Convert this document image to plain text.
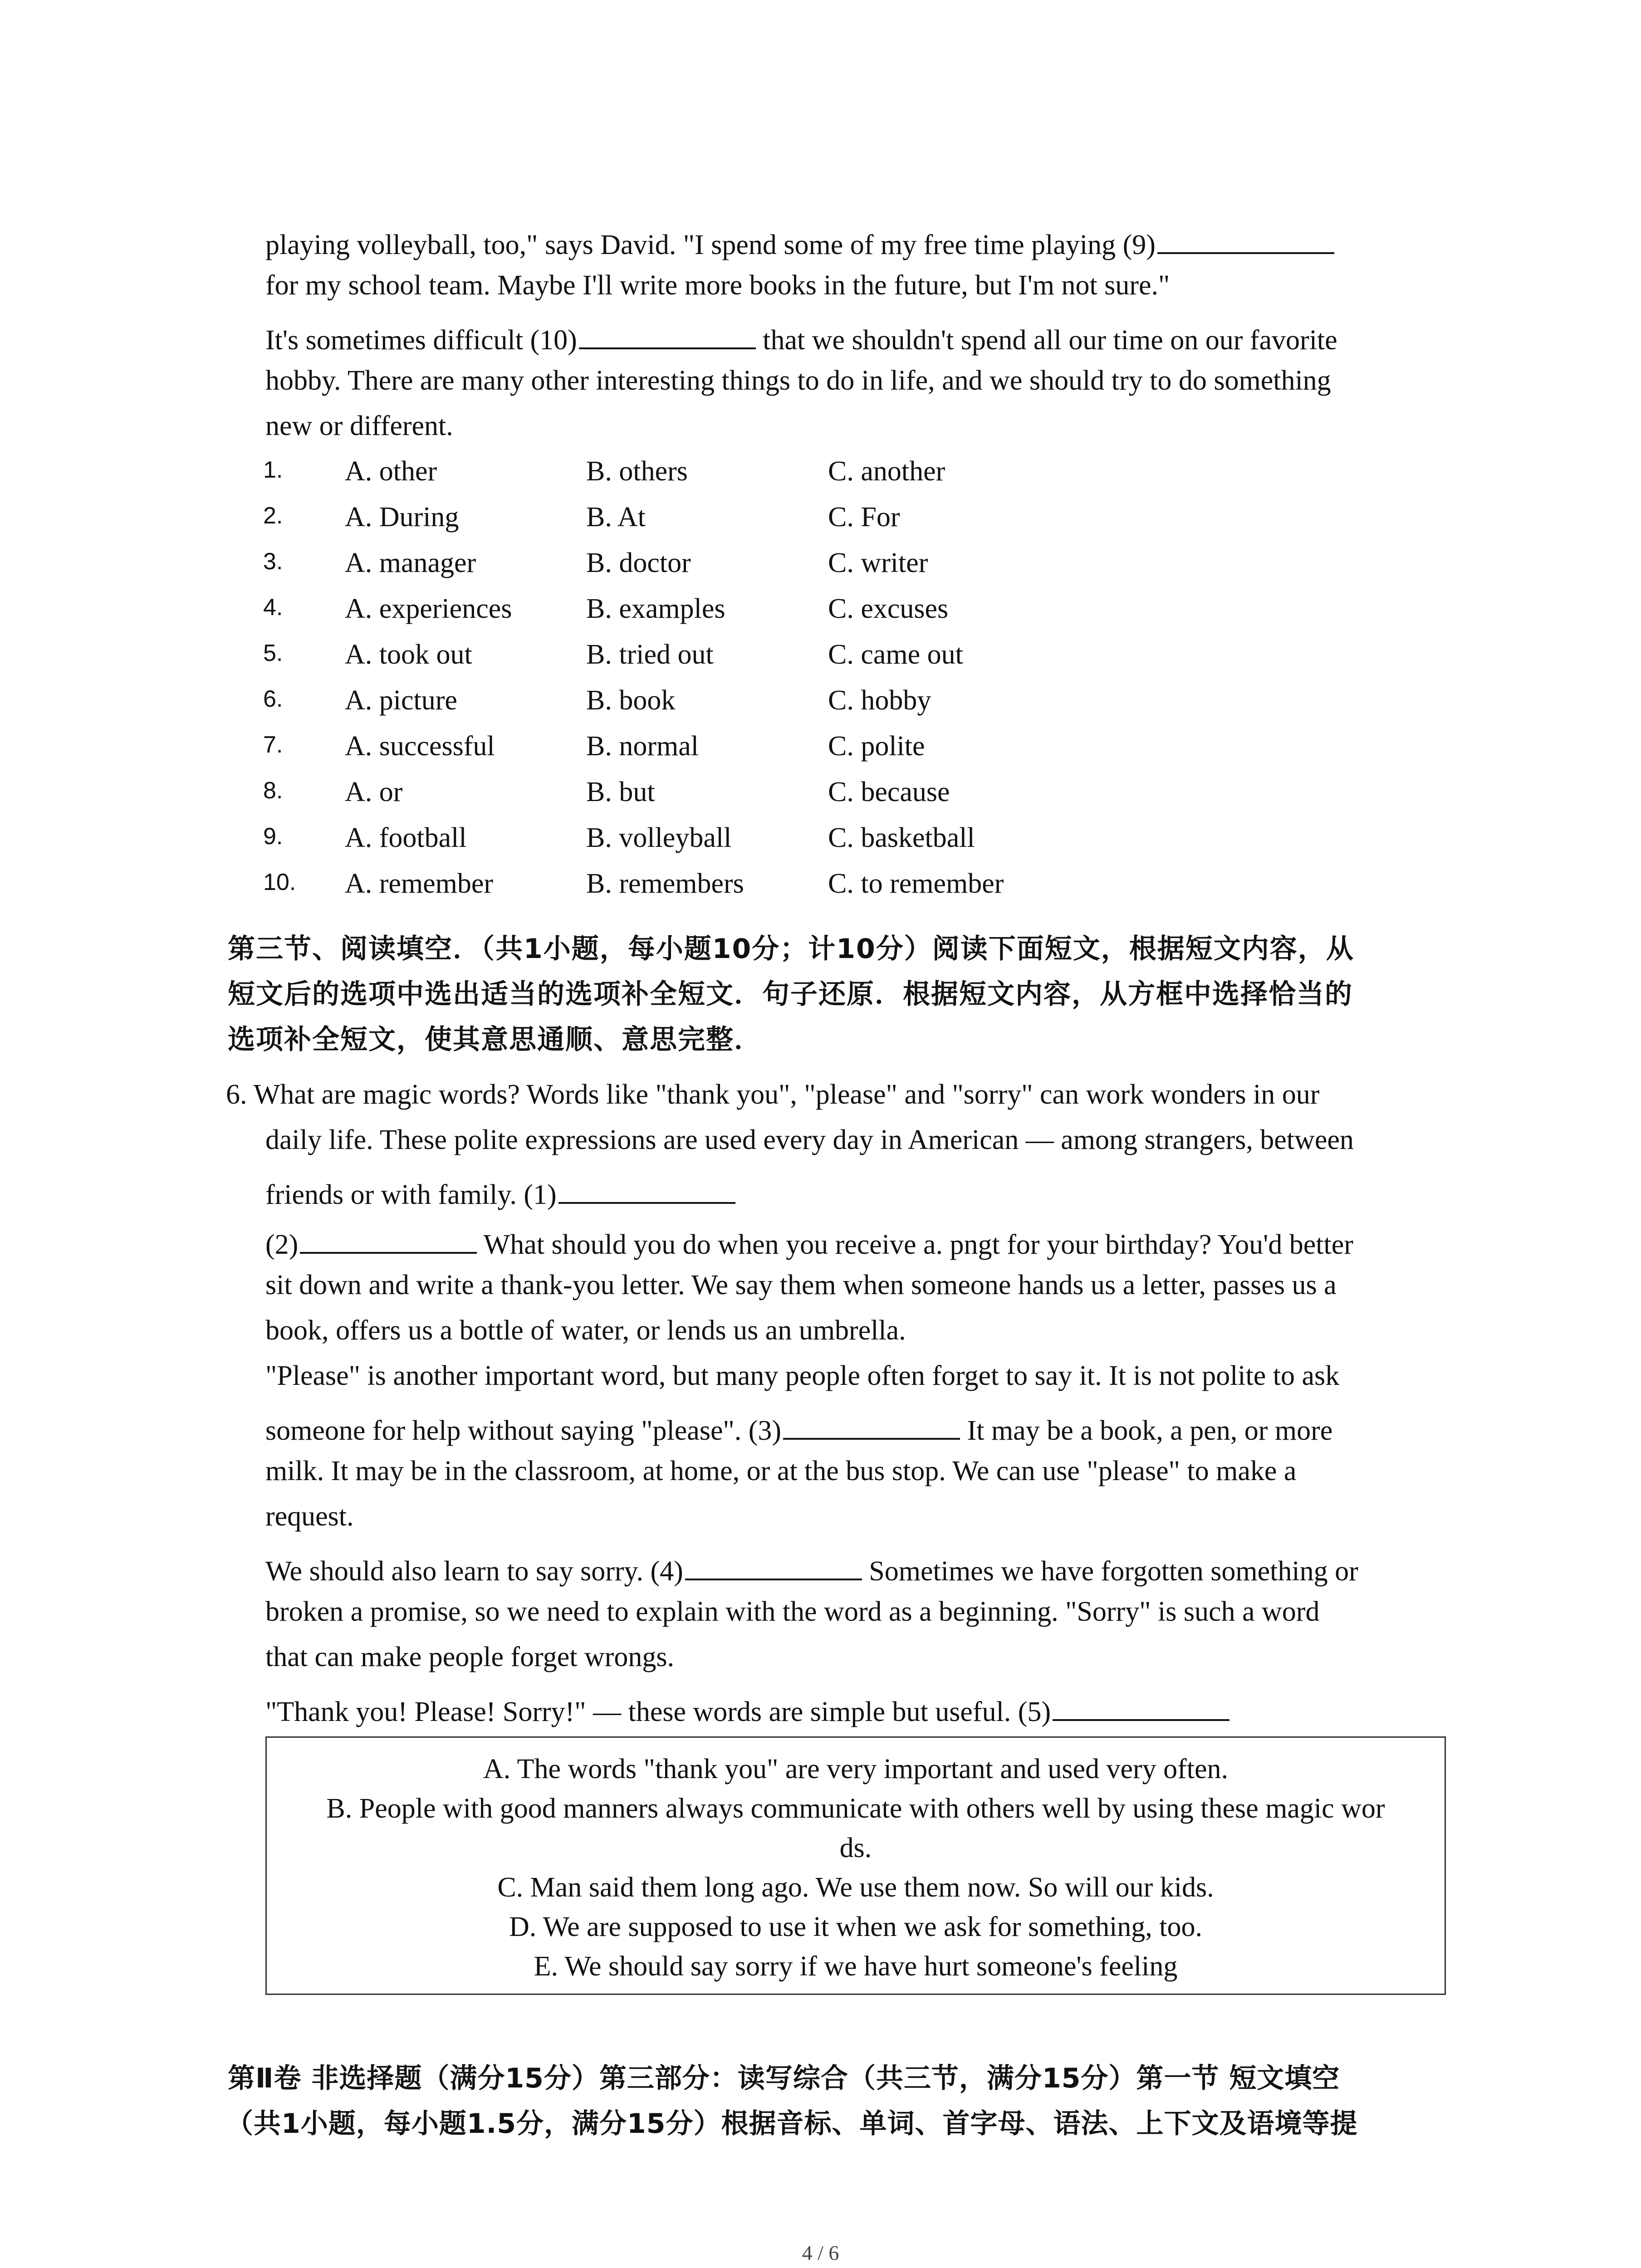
playing volleyball, too," says David. "I spend some of my free time playing (9)
for my school team. Maybe I'll write more books in the future, but I'm not sure."
It's sometimes difficult (10)	that we shouldn't spend all our time on our favorite
hobby. There are many other interesting things to do in life, and we should try to do something
new or different.
1. A. other	B. others	C. another
2. A. During	B. At	C. For
3. A. manager	B. doctor	C. writer
4. A. experiences	B. examples	C. excuses
5. A. took out	B. tried out	C. came out
6. A. picture	B. book	C. hobby
7. A. successful	B. normal	C. polite
8. A. or	B. but	C. because
9. A. football	B. volleyball	C. basketball
10. A. remember	B. remembers	C. to remember
第三节、阅读填空．（共1小题，每小题10分；计10分）阅读下面短文，根据短文内容，从
短文后的选项中选出适当的选项补全短文．句子还原．根据短文内容，从方框中选择恰当的
选项补全短文，使其意思通顺、意思完整．
6. What are magic words? Words like "thank you", "please" and "sorry" can work wonders in our
daily life. These polite expressions are used every day in American — among strangers, between
friends or with family. (1)
(2)	What should you do when you receive a. pngt for your birthday? You'd better
sit down and write a thank-you letter. We say them when someone hands us a letter, passes us a
book, offers us a bottle of water, or lends us an umbrella.
"Please" is another important word, but many people often forget to say it. It is not polite to ask
someone for help without saying "please". (3)	It may be a book, a pen, or more
milk. It may be in the classroom, at home, or at the bus stop. We can use "please" to make a
request.
We should also learn to say sorry. (4)	Sometimes we have forgotten something or
broken a promise, so we need to explain with the word as a beginning. "Sorry" is such a word
that can make people forget wrongs.
"Thank you! Please! Sorry!" — these words are simple but useful. (5)
A. The words "thank you" are very important and used very often.
B. People with good manners always communicate with others well by using these magic wor
ds.
C. Man said them long ago. We use them now. So will our kids.
D. We are supposed to use it when we ask for something, too.
E. We should say sorry if we have hurt someone's feeling
第Ⅱ卷 非选择题（满分15分）第三部分：读写综合（共三节，满分15分）第一节 短文填空
（共1小题，每小题1.5分，满分15分）根据音标、单词、首字母、语法、上下文及语境等提
4 / 6
